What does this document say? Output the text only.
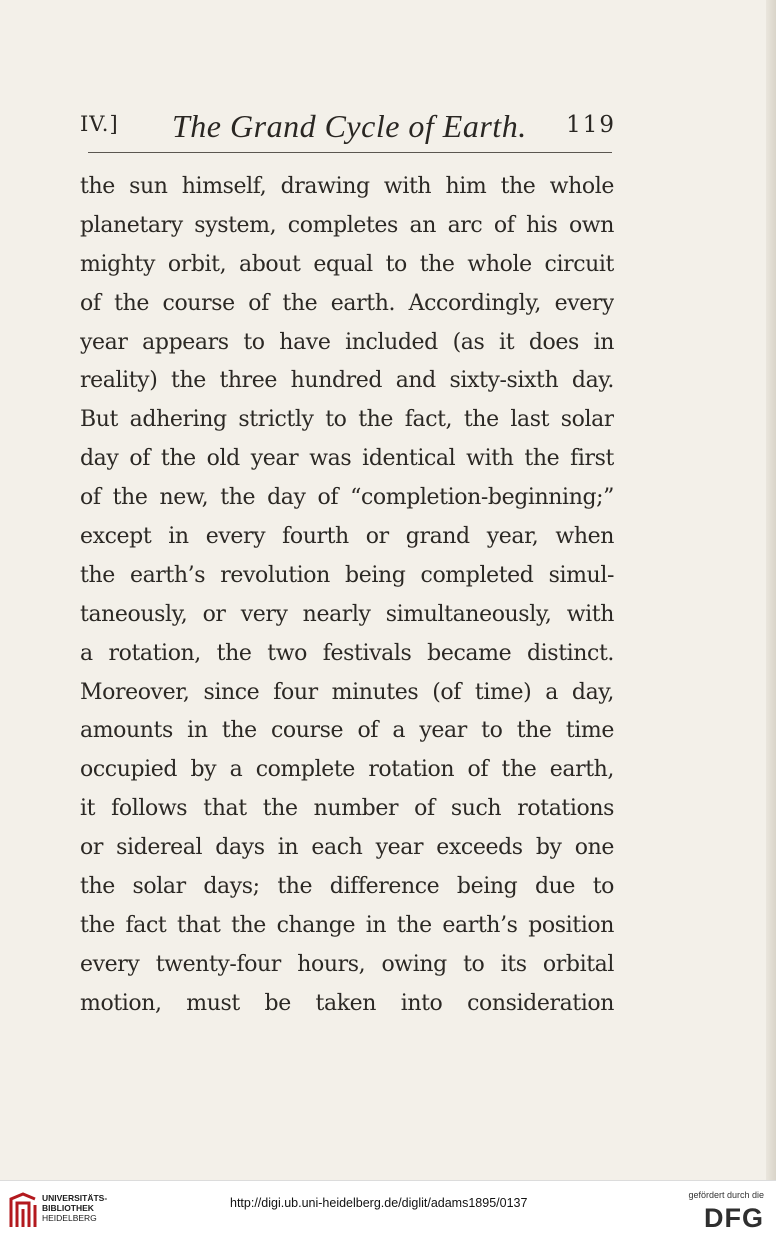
IV.] The Grand Cycle of Earth. 119
the sun himself, drawing with him the whole
planetary system, completes an arc of his own
mighty orbit, about equal to the whole circuit
of the course of the earth. Accordingly, every
year appears to have included (as it does in
reality) the three hundred and sixty-sixth day.
But adhering strictly to the fact, the last solar
day of the old year was identical with the first
of the new, the day of “completion-beginning;”
except in every fourth or grand year, when
the earth’s revolution being completed simul-
taneously, or very nearly simultaneously, with
a rotation, the two festivals became distinct.
Moreover, since four minutes (of time) a day,
amounts in the course of a year to the time
occupied by a complete rotation of the earth,
it follows that the number of such rotations
or sidereal days in each year exceeds by one
the solar days; the difference being due to
the fact that the change in the earth’s position
every twenty-four hours, owing to its orbital
motion, must be taken into consideration
UNIVERSITÄTS-
BIBLIOTHEK
HEIDELBERG
http://digi.ub.uni-heidelberg.de/diglit/adams1895/0137
gefördert durch die
DFG
